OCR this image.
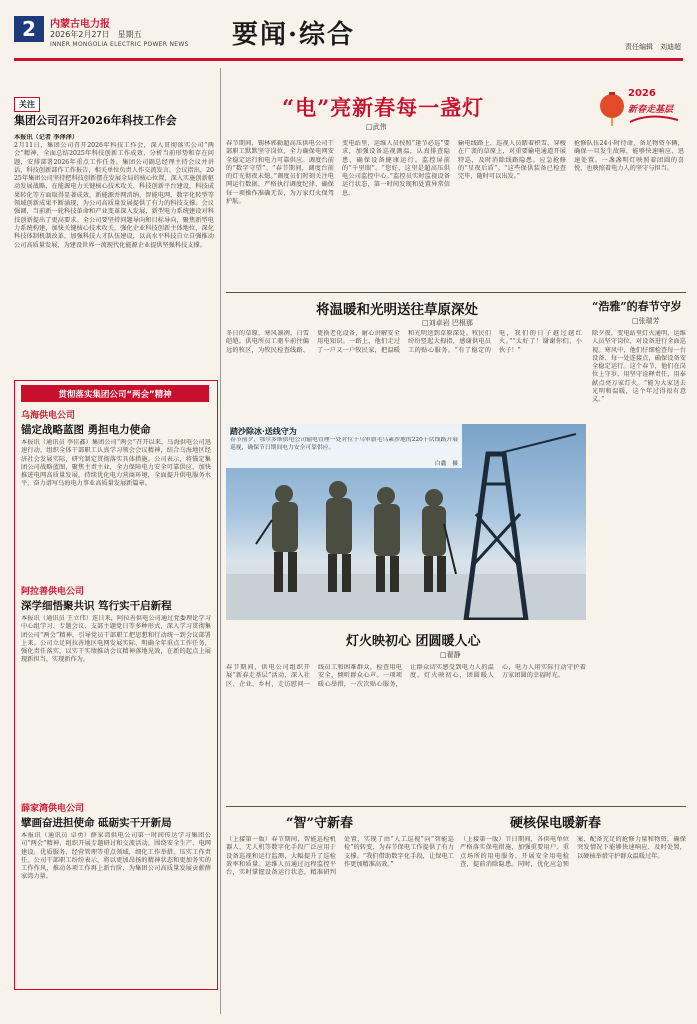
2	内蒙古电力报
2026年2月27日　星期五
INNER MONGOLIA ELECTRIC POWER NEWS 要闻·综合	责任编辑　 刘迪超
关注
集团公司召开2026年科技工作会
本报讯（记者 李泽泽）
2月11日，集团公司召开2026年科技工作会，深入贯彻落实公司“两会”精神，全面总结2025年科技创新工作成效，分析当前形势和存在问题，安排部署2026年重点工作任务。集团公司副总经理主持会议并讲话，科技创新部作工作报告，相关单位负责人作交流发言。会议指出，2025年集团公司坚持把科技创新摆在发展全局的核心位置，深入实施创新驱动发展战略，在能源电力关键核心技术攻关、科技创新平台建设、科技成果转化等方面取得显著成效，新能源并网消纳、智能电网、数字化转型等领域创新成果不断涌现，为公司高质量发展提供了有力的科技支撑。会议强调，当前新一轮科技革命和产业变革深入发展，新型电力系统建设对科技创新提出了更高要求。全公司要坚持问题导向和目标导向，聚焦新型电力系统构建，加快关键核心技术攻关，强化企业科技创新主体地位，深化科技体制机制改革，加强科技人才队伍建设，以高水平科技自立自强推动公司高质量发展，为建设世界一流现代化能源企业提供坚强科技支撑。
贯彻落实集团公司“两会”精神
乌海供电公司
锚定战略蓝图 勇担电力使命
本报讯（通讯员 李佳鑫）集团公司“两会”召开以来，乌海供电公司迅速行动，组织全体干部职工认真学习领会会议精神，结合乌海地区经济社会发展实际，研究制定贯彻落实具体措施。公司表示，将锚定集团公司战略蓝图，聚焦主责主业，全力保障电力安全可靠供应，加快推进电网高质量发展，持续优化电力营商环境，全面提升供电服务水平，奋力谱写乌海电力事业高质量发展新篇章。
阿拉善供电公司
深学细悟聚共识 笃行实干启新程
本报讯（通讯员 王立伟）连日来，阿拉善供电公司通过党委理论学习中心组学习、专题会议、支部主题党日等多种形式，深入学习贯彻集团公司“两会”精神，引导党员干部职工把思想和行动统一到会议部署上来。公司立足阿拉善地区电网发展实际，明确全年重点工作任务，强化责任落实，以实干实绩推动会议精神落地见效，在新的起点上展现新担当、实现新作为。
薛家湾供电公司
擘画奋进担使命 砥砺实干开新局
本报讯（通讯员 卓勇）薛家湾供电公司第一时间传达学习集团公司“两会”精神，组织开展专题研讨和交流活动，围绕安全生产、电网建设、优质服务、经营管理等重点领域，细化工作举措，压实工作责任。公司干部职工纷纷表示，将以更加昂扬的精神状态和更加务实的工作作风，推动各项工作再上新台阶，为集团公司高质量发展贡献薛家湾力量。
“电”亮新春每一盏灯
□武伟
2026
新春走基层
春节期间，锡林郭勒超高压供电公司干部职工默默坚守岗位，全力确保电网安全稳定运行和电力可靠供应。调度台前的“数字守望”。“春节期间，调度台前的灯光彻夜未熄。”调度员们时刻关注电网运行数据，严格执行调度纪律，确保每一项操作准确无误，为万家灯火保驾护航。
变电站里，运维人员按照“逢节必巡”要求，加强设备巡视测温，认真排查隐患，确保设备健康运行。监控屏前的“千里眼”。“您好，这里是超高压供电公司监控中心。”监控员实时监视设备运行状态，第一时间发现和处置异常信息。
输电线路上，巡视人员踏着积雪，穿梭在广袤的草原上，对重要输电通道开展特巡，及时消除线路隐患。应急抢修的“星夜后盾”。“这些保供装备已检查完毕，随时可以出发。”
抢修队伍24小时待命，备足物资车辆，确保一旦发生故障，能够快速响应、迅速处置。一盏盏明灯映照着团圆的喜悦，也映照着电力人的坚守与担当。
将温暖和光明送往草原深处
□刘卓岩 巴根那
冬日的草原，寒风凛冽，白雪皑皑。供电所员工驱车前往偏远的牧区，为牧民检查线路、更换老化设备，耐心讲解安全用电知识。一路上，他们走过了一户又一户牧民家，把温暖和光明送到草原深处。牧民们纷纷竖起大拇指，感谢供电员工的贴心服务。“有了稳定的电，我们的日子越过越红火。”“太好了！谢谢你们，小伙子！”
“浩雅”的春节守岁
□张瑞芳
除夕夜，变电站里灯火通明，运维人员坚守岗位，对设备进行全面巡视。寒风中，他们仔细检查每一台设备、每一处连接点，确保设备安全稳定运行。这个春节，他们在岗位上守岁，用坚守诠释责任，用奉献点亮万家灯火。“能为大家送去光明和温暖，这个年过得很有意义。”
踏沙除冰·送线守为
春节前夕，鄂尔多斯供电公司输电管理一处对位于乌审旗毛乌素沙地的220千伏线路开展巡视，确保节日期间电力安全可靠供应。
白鑫　摄
灯火映初心 团圆暖人心
□翟静
春节期间，供电公司组织开展“新春走基层”活动，深入社区、企业、乡村，走访慰问一线员工和困难群众，检查用电安全，倾听群众心声。一项项暖心举措，一次次贴心服务，让群众切实感受到电力人的温度。灯火映初心，团圆暖人心，电力人用实际行动守护着万家团圆的幸福时光。
“智”守新春
（上接第一版）春节期间，智能巡检机器人、无人机等数字化手段广泛应用于设备巡视和运行监测，大幅提升了巡检效率和质量。运维人员通过远程监控平台，实时掌握设备运行状态，精准研判处置，实现了由“人工巡视”向“智能巡检”的转变，为春节保电工作提供了有力支撑。“我们借助数字化手段，让保电工作更加精准高效。”
硬核保电暖新春
（上接第一版）节日期间，各供电单位严格落实保电措施，加强重要用户、重点场所的用电服务，开展安全用电检查，提前消除隐患。同时，优化应急预案，配备充足的抢修力量和物资，确保突发情况下能够快速响应、及时处置，以硬核举措守护群众温暖过年。
